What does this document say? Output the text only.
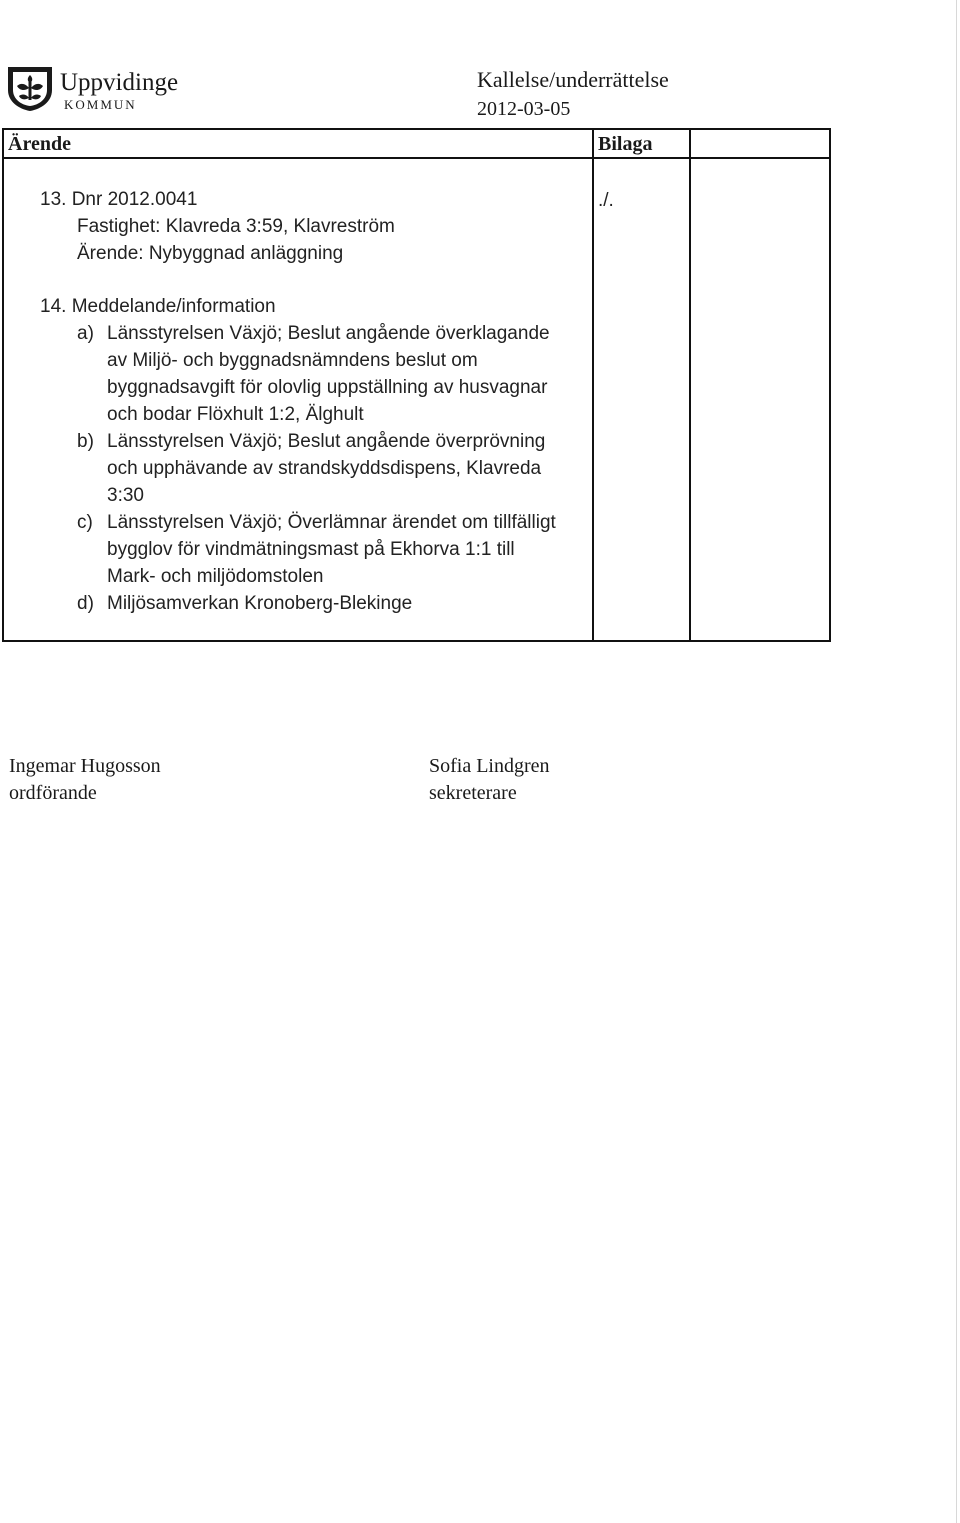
Uppvidinge
KOMMUN
Kallelse/underrättelse
2012-03-05
Ärende	Bilaga
13. Dnr 2012.0041
Fastighet: Klavreda 3:59, Klavreström
Ärende: Nybyggnad anläggning
./.
14. Meddelande/information
a) Länsstyrelsen Växjö; Beslut angående överklagande
av Miljö- och byggnadsnämndens beslut om
byggnadsavgift för olovlig uppställning av husvagnar
och bodar Flöxhult 1:2, Älghult
b) Länsstyrelsen Växjö; Beslut angående överprövning
och upphävande av strandskyddsdispens, Klavreda
3:30
c) Länsstyrelsen Växjö; Överlämnar ärendet om tillfälligt
bygglov för vindmätningsmast på Ekhorva 1:1 till
Mark- och miljödomstolen
d) Miljösamverkan Kronoberg-Blekinge
Ingemar Hugosson
ordförande
Sofia Lindgren
sekreterare
